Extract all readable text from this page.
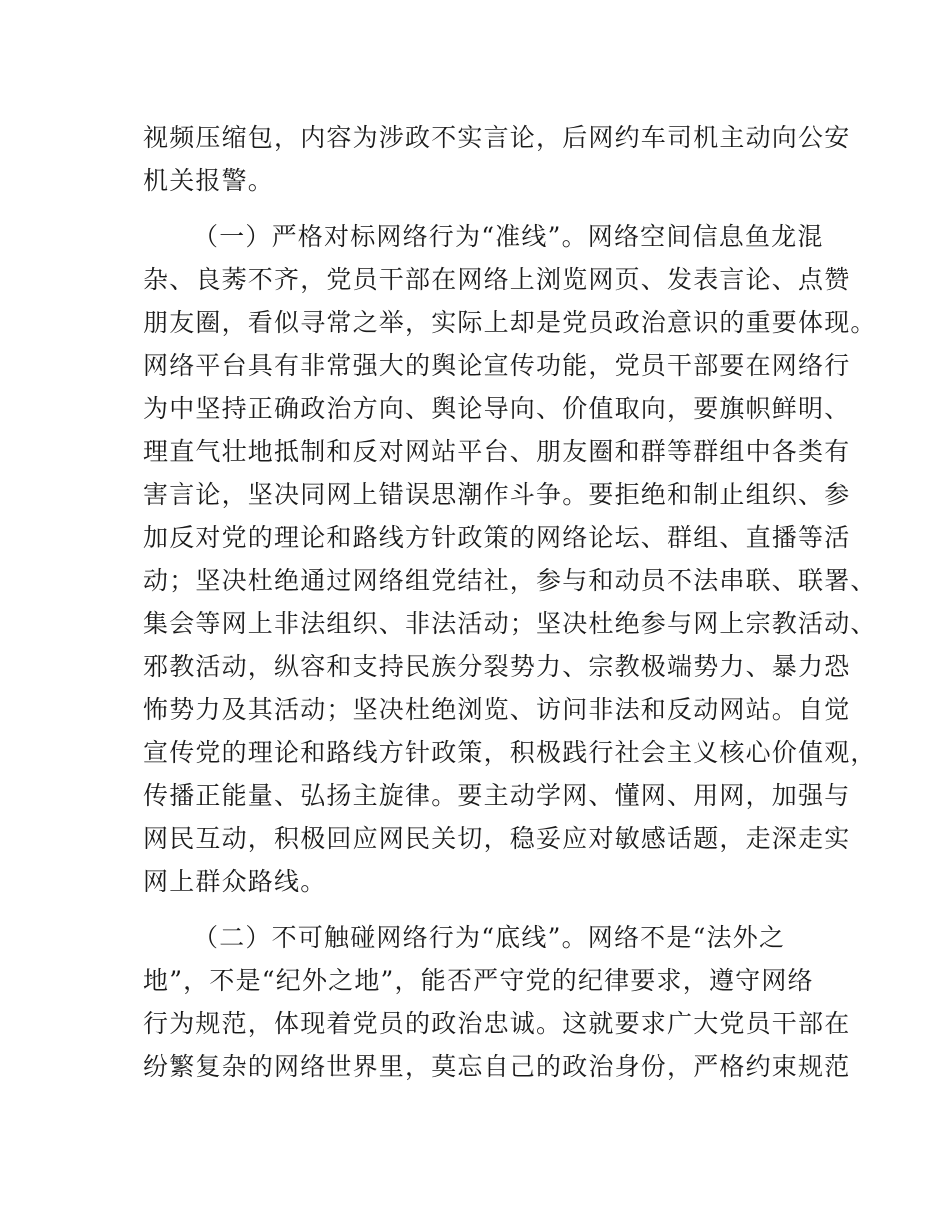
视频压缩包，内容为涉政不实言论，后网约车司机主动向公安
机关报警。
（一）严格对标网络行为“准线”。网络空间信息鱼龙混
杂、良莠不齐，党员干部在网络上浏览网页、发表言论、点赞
朋友圈，看似寻常之举，实际上却是党员政治意识的重要体现。
网络平台具有非常强大的舆论宣传功能，党员干部要在网络行
为中坚持正确政治方向、舆论导向、价值取向，要旗帜鲜明、
理直气壮地抵制和反对网站平台、朋友圈和群等群组中各类有
害言论，坚决同网上错误思潮作斗争。要拒绝和制止组织、参
加反对党的理论和路线方针政策的网络论坛、群组、直播等活
动；坚决杜绝通过网络组党结社，参与和动员不法串联、联署、
集会等网上非法组织、非法活动；坚决杜绝参与网上宗教活动、
邪教活动，纵容和支持民族分裂势力、宗教极端势力、暴力恐
怖势力及其活动；坚决杜绝浏览、访问非法和反动网站。自觉
宣传党的理论和路线方针政策，积极践行社会主义核心价值观，
传播正能量、弘扬主旋律。要主动学网、懂网、用网，加强与
网民互动，积极回应网民关切，稳妥应对敏感话题，走深走实
网上群众路线。
（二）不可触碰网络行为“底线”。网络不是“法外之
地”，不是“纪外之地”，能否严守党的纪律要求，遵守网络
行为规范，体现着党员的政治忠诚。这就要求广大党员干部在
纷繁复杂的网络世界里，莫忘自己的政治身份，严格约束规范
